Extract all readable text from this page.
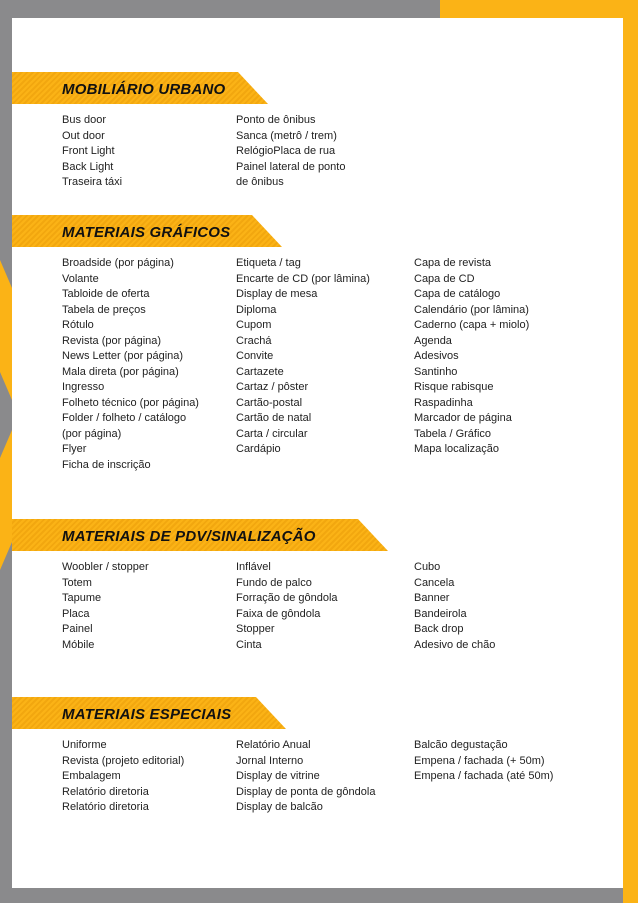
MOBILIÁRIO URBANO
Bus door
Out door
Front Light
Back Light
Traseira táxi
Ponto de ônibus
Sanca (metrô / trem)
RelógioPlaca de rua
Painel lateral de ponto
de ônibus
MATERIAIS GRÁFICOS
Broadside (por página)
Volante
Tabloide de oferta
Tabela de preços
Rótulo
Revista (por página)
News Letter (por página)
Mala direta (por página)
Ingresso
Folheto técnico (por página)
Folder / folheto / catálogo
(por página)
Flyer
Ficha de inscrição
Etiqueta / tag
Encarte de CD (por lâmina)
Display de mesa
Diploma
Cupom
Crachá
Convite
Cartazete
Cartaz / pôster
Cartão-postal
Cartão de natal
Carta / circular
Cardápio
Capa de revista
Capa de CD
Capa de catálogo
Calendário (por lâmina)
Caderno (capa + miolo)
Agenda
Adesivos
Santinho
Risque rabisque
Raspadinha
Marcador de página
Tabela / Gráfico
Mapa localização
MATERIAIS DE PDV/SINALIZAÇÃO
Woobler / stopper
Totem
Tapume
Placa
Painel
Móbile
Inflável
Fundo de palco
Forração de gôndola
Faixa de gôndola
Stopper
Cinta
Cubo
Cancela
Banner
Bandeirola
Back drop
Adesivo de chão
MATERIAIS ESPECIAIS
Uniforme
Revista (projeto editorial)
Embalagem
Relatório diretoria
Relatório diretoria
Relatório Anual
Jornal Interno
Display de vitrine
Display de ponta de gôndola
Display de balcão
Balcão degustação
Empena / fachada (+ 50m)
Empena / fachada (até 50m)
